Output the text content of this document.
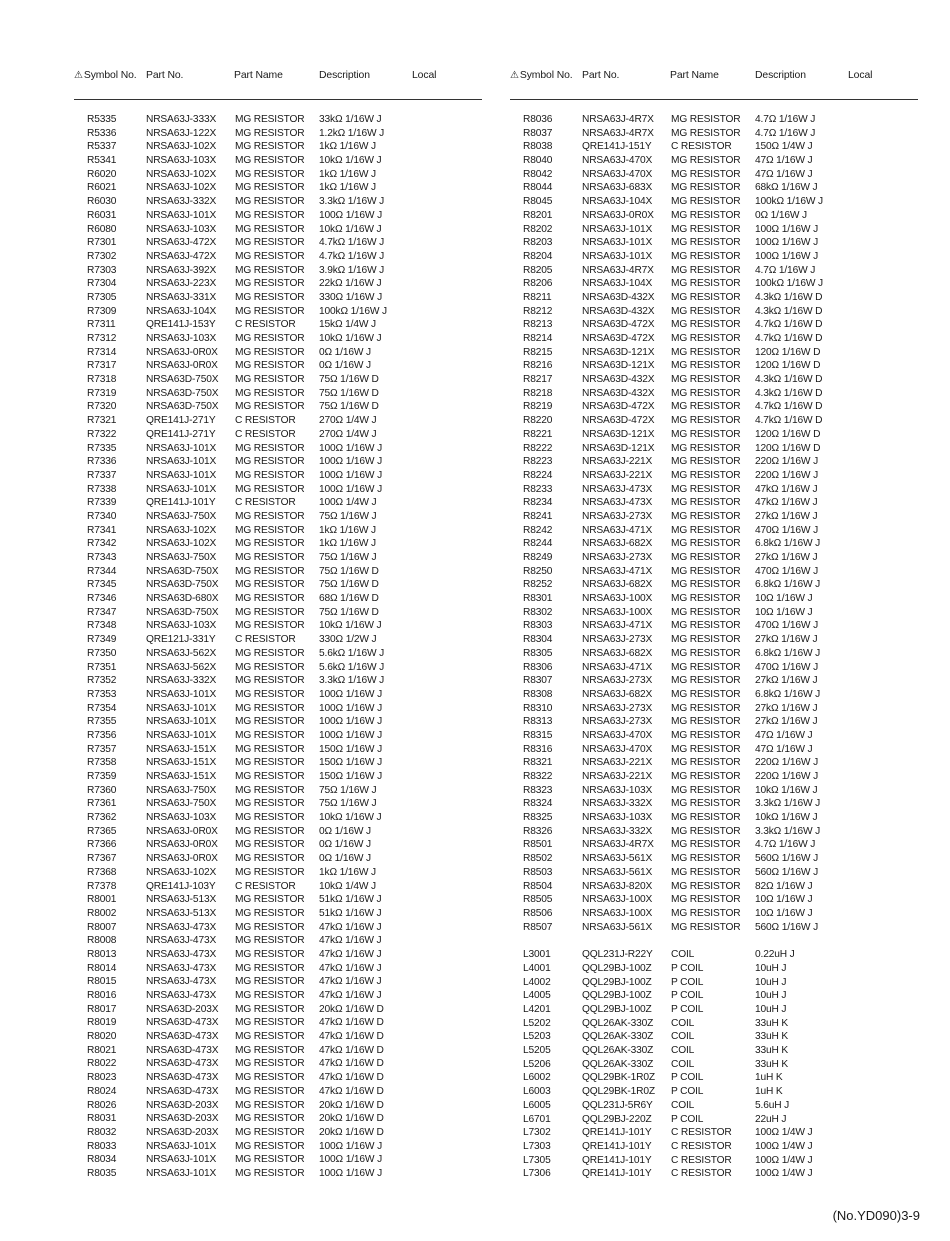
⚠Symbol No. Part No.	Part Name	Description	Local
R5335	NRSA63J-333X MG RESISTOR 33kΩ 1/16W J
R5336	NRSA63J-122X MG RESISTOR 1.2kΩ 1/16W J
R5337	NRSA63J-102X MG RESISTOR 1kΩ 1/16W J
R5341	NRSA63J-103X MG RESISTOR 10kΩ 1/16W J
R6020	NRSA63J-102X MG RESISTOR 1kΩ 1/16W J
R6021	NRSA63J-102X MG RESISTOR 1kΩ 1/16W J
R6030	NRSA63J-332X MG RESISTOR 3.3kΩ 1/16W J
R6031	NRSA63J-101X MG RESISTOR 100Ω 1/16W J
R6080	NRSA63J-103X MG RESISTOR 10kΩ 1/16W J
R7301	NRSA63J-472X MG RESISTOR 4.7kΩ 1/16W J
R7302	NRSA63J-472X MG RESISTOR 4.7kΩ 1/16W J
R7303	NRSA63J-392X MG RESISTOR 3.9kΩ 1/16W J
R7304	NRSA63J-223X MG RESISTOR 22kΩ 1/16W J
R7305	NRSA63J-331X MG RESISTOR 330Ω 1/16W J
R7309	NRSA63J-104X MG RESISTOR 100kΩ 1/16W J
R7311	QRE141J-153Y C RESISTOR 15kΩ 1/4W J
R7312	NRSA63J-103X MG RESISTOR 10kΩ 1/16W J
R7314	NRSA63J-0R0X MG RESISTOR 0Ω 1/16W J
R7317	NRSA63J-0R0X MG RESISTOR 0Ω 1/16W J
R7318	NRSA63D-750X MG RESISTOR 75Ω 1/16W D
R7319	NRSA63D-750X MG RESISTOR 75Ω 1/16W D
R7320	NRSA63D-750X MG RESISTOR 75Ω 1/16W D
R7321	QRE141J-271Y C RESISTOR 270Ω 1/4W J
R7322	QRE141J-271Y C RESISTOR 270Ω 1/4W J
R7335	NRSA63J-101X MG RESISTOR 100Ω 1/16W J
R7336	NRSA63J-101X MG RESISTOR 100Ω 1/16W J
R7337	NRSA63J-101X MG RESISTOR 100Ω 1/16W J
R7338	NRSA63J-101X MG RESISTOR 100Ω 1/16W J
R7339	QRE141J-101Y C RESISTOR 100Ω 1/4W J
R7340	NRSA63J-750X MG RESISTOR 75Ω 1/16W J
R7341	NRSA63J-102X MG RESISTOR 1kΩ 1/16W J
R7342	NRSA63J-102X MG RESISTOR 1kΩ 1/16W J
R7343	NRSA63J-750X MG RESISTOR 75Ω 1/16W J
R7344	NRSA63D-750X MG RESISTOR 75Ω 1/16W D
R7345	NRSA63D-750X MG RESISTOR 75Ω 1/16W D
R7346	NRSA63D-680X MG RESISTOR 68Ω 1/16W D
R7347	NRSA63D-750X MG RESISTOR 75Ω 1/16W D
R7348	NRSA63J-103X MG RESISTOR 10kΩ 1/16W J
R7349	QRE121J-331Y C RESISTOR 330Ω 1/2W J
R7350	NRSA63J-562X MG RESISTOR 5.6kΩ 1/16W J
R7351	NRSA63J-562X MG RESISTOR 5.6kΩ 1/16W J
R7352	NRSA63J-332X MG RESISTOR 3.3kΩ 1/16W J
R7353	NRSA63J-101X MG RESISTOR 100Ω 1/16W J
R7354	NRSA63J-101X MG RESISTOR 100Ω 1/16W J
R7355	NRSA63J-101X MG RESISTOR 100Ω 1/16W J
R7356	NRSA63J-101X MG RESISTOR 100Ω 1/16W J
R7357	NRSA63J-151X MG RESISTOR 150Ω 1/16W J
R7358	NRSA63J-151X MG RESISTOR 150Ω 1/16W J
R7359	NRSA63J-151X MG RESISTOR 150Ω 1/16W J
R7360	NRSA63J-750X MG RESISTOR 75Ω 1/16W J
R7361	NRSA63J-750X MG RESISTOR 75Ω 1/16W J
R7362	NRSA63J-103X MG RESISTOR 10kΩ 1/16W J
R7365	NRSA63J-0R0X MG RESISTOR 0Ω 1/16W J
R7366	NRSA63J-0R0X MG RESISTOR 0Ω 1/16W J
R7367	NRSA63J-0R0X MG RESISTOR 0Ω 1/16W J
R7368	NRSA63J-102X MG RESISTOR 1kΩ 1/16W J
R7378	QRE141J-103Y C RESISTOR 10kΩ 1/4W J
R8001	NRSA63J-513X MG RESISTOR 51kΩ 1/16W J
R8002	NRSA63J-513X MG RESISTOR 51kΩ 1/16W J
R8007	NRSA63J-473X MG RESISTOR 47kΩ 1/16W J
R8008	NRSA63J-473X MG RESISTOR 47kΩ 1/16W J
R8013	NRSA63J-473X MG RESISTOR 47kΩ 1/16W J
R8014	NRSA63J-473X MG RESISTOR 47kΩ 1/16W J
R8015	NRSA63J-473X MG RESISTOR 47kΩ 1/16W J
R8016	NRSA63J-473X MG RESISTOR 47kΩ 1/16W J
R8017	NRSA63D-203X MG RESISTOR 20kΩ 1/16W D
R8019	NRSA63D-473X MG RESISTOR 47kΩ 1/16W D
R8020	NRSA63D-473X MG RESISTOR 47kΩ 1/16W D
R8021	NRSA63D-473X MG RESISTOR 47kΩ 1/16W D
R8022	NRSA63D-473X MG RESISTOR 47kΩ 1/16W D
R8023	NRSA63D-473X MG RESISTOR 47kΩ 1/16W D
R8024	NRSA63D-473X MG RESISTOR 47kΩ 1/16W D
R8026	NRSA63D-203X MG RESISTOR 20kΩ 1/16W D
R8031	NRSA63D-203X MG RESISTOR 20kΩ 1/16W D
R8032	NRSA63D-203X MG RESISTOR 20kΩ 1/16W D
R8033	NRSA63J-101X MG RESISTOR 100Ω 1/16W J
R8034	NRSA63J-101X MG RESISTOR 100Ω 1/16W J
R8035	NRSA63J-101X MG RESISTOR 100Ω 1/16W J
⚠Symbol No. Part No.	Part Name	Description	Local
R8036	NRSA63J-4R7X MG RESISTOR 4.7Ω 1/16W J
R8037	NRSA63J-4R7X MG RESISTOR 4.7Ω 1/16W J
R8038	QRE141J-151Y C RESISTOR 150Ω 1/4W J
R8040	NRSA63J-470X MG RESISTOR 47Ω 1/16W J
R8042	NRSA63J-470X MG RESISTOR 47Ω 1/16W J
R8044	NRSA63J-683X MG RESISTOR 68kΩ 1/16W J
R8045	NRSA63J-104X MG RESISTOR 100kΩ 1/16W J
R8201	NRSA63J-0R0X MG RESISTOR 0Ω 1/16W J
R8202	NRSA63J-101X MG RESISTOR 100Ω 1/16W J
R8203	NRSA63J-101X MG RESISTOR 100Ω 1/16W J
R8204	NRSA63J-101X MG RESISTOR 100Ω 1/16W J
R8205	NRSA63J-4R7X MG RESISTOR 4.7Ω 1/16W J
R8206	NRSA63J-104X MG RESISTOR 100kΩ 1/16W J
R8211	NRSA63D-432X MG RESISTOR 4.3kΩ 1/16W D
R8212	NRSA63D-432X MG RESISTOR 4.3kΩ 1/16W D
R8213	NRSA63D-472X MG RESISTOR 4.7kΩ 1/16W D
R8214	NRSA63D-472X MG RESISTOR 4.7kΩ 1/16W D
R8215	NRSA63D-121X MG RESISTOR 120Ω 1/16W D
R8216	NRSA63D-121X MG RESISTOR 120Ω 1/16W D
R8217	NRSA63D-432X MG RESISTOR 4.3kΩ 1/16W D
R8218	NRSA63D-432X MG RESISTOR 4.3kΩ 1/16W D
R8219	NRSA63D-472X MG RESISTOR 4.7kΩ 1/16W D
R8220	NRSA63D-472X MG RESISTOR 4.7kΩ 1/16W D
R8221	NRSA63D-121X MG RESISTOR 120Ω 1/16W D
R8222	NRSA63D-121X MG RESISTOR 120Ω 1/16W D
R8223	NRSA63J-221X MG RESISTOR 220Ω 1/16W J
R8224	NRSA63J-221X MG RESISTOR 220Ω 1/16W J
R8233	NRSA63J-473X MG RESISTOR 47kΩ 1/16W J
R8234	NRSA63J-473X MG RESISTOR 47kΩ 1/16W J
R8241	NRSA63J-273X MG RESISTOR 27kΩ 1/16W J
R8242	NRSA63J-471X MG RESISTOR 470Ω 1/16W J
R8244	NRSA63J-682X MG RESISTOR 6.8kΩ 1/16W J
R8249	NRSA63J-273X MG RESISTOR 27kΩ 1/16W J
R8250	NRSA63J-471X MG RESISTOR 470Ω 1/16W J
R8252	NRSA63J-682X MG RESISTOR 6.8kΩ 1/16W J
R8301	NRSA63J-100X MG RESISTOR 10Ω 1/16W J
R8302	NRSA63J-100X MG RESISTOR 10Ω 1/16W J
R8303	NRSA63J-471X MG RESISTOR 470Ω 1/16W J
R8304	NRSA63J-273X MG RESISTOR 27kΩ 1/16W J
R8305	NRSA63J-682X MG RESISTOR 6.8kΩ 1/16W J
R8306	NRSA63J-471X MG RESISTOR 470Ω 1/16W J
R8307	NRSA63J-273X MG RESISTOR 27kΩ 1/16W J
R8308	NRSA63J-682X MG RESISTOR 6.8kΩ 1/16W J
R8310	NRSA63J-273X MG RESISTOR 27kΩ 1/16W J
R8313	NRSA63J-273X MG RESISTOR 27kΩ 1/16W J
R8315	NRSA63J-470X MG RESISTOR 47Ω 1/16W J
R8316	NRSA63J-470X MG RESISTOR 47Ω 1/16W J
R8321	NRSA63J-221X MG RESISTOR 220Ω 1/16W J
R8322	NRSA63J-221X MG RESISTOR 220Ω 1/16W J
R8323	NRSA63J-103X MG RESISTOR 10kΩ 1/16W J
R8324	NRSA63J-332X MG RESISTOR 3.3kΩ 1/16W J
R8325	NRSA63J-103X MG RESISTOR 10kΩ 1/16W J
R8326	NRSA63J-332X MG RESISTOR 3.3kΩ 1/16W J
R8501	NRSA63J-4R7X MG RESISTOR 4.7Ω 1/16W J
R8502	NRSA63J-561X MG RESISTOR 560Ω 1/16W J
R8503	NRSA63J-561X MG RESISTOR 560Ω 1/16W J
R8504	NRSA63J-820X MG RESISTOR 82Ω 1/16W J
R8505	NRSA63J-100X MG RESISTOR 10Ω 1/16W J
R8506	NRSA63J-100X MG RESISTOR 10Ω 1/16W J
R8507	NRSA63J-561X MG RESISTOR 560Ω 1/16W J
L3001	QQL231J-R22Y COIL	0.22uH J
L4001	QQL29BJ-100Z P COIL	10uH J
L4002	QQL29BJ-100Z P COIL	10uH J
L4005	QQL29BJ-100Z P COIL	10uH J
L4201	QQL29BJ-100Z P COIL	10uH J
L5202	QQL26AK-330Z COIL	33uH K
L5203	QQL26AK-330Z COIL	33uH K
L5205	QQL26AK-330Z COIL	33uH K
L5206	QQL26AK-330Z COIL	33uH K
L6002	QQL29BK-1R0Z P COIL	1uH K
L6003	QQL29BK-1R0Z P COIL	1uH K
L6005	QQL231J-5R6Y COIL	5.6uH J
L6701	QQL29BJ-220Z P COIL	22uH J
L7302	QRE141J-101Y C RESISTOR 100Ω 1/4W J
L7303	QRE141J-101Y C RESISTOR 100Ω 1/4W J
L7305	QRE141J-101Y C RESISTOR 100Ω 1/4W J
L7306	QRE141J-101Y C RESISTOR 100Ω 1/4W J
(No.YD090)3-9
